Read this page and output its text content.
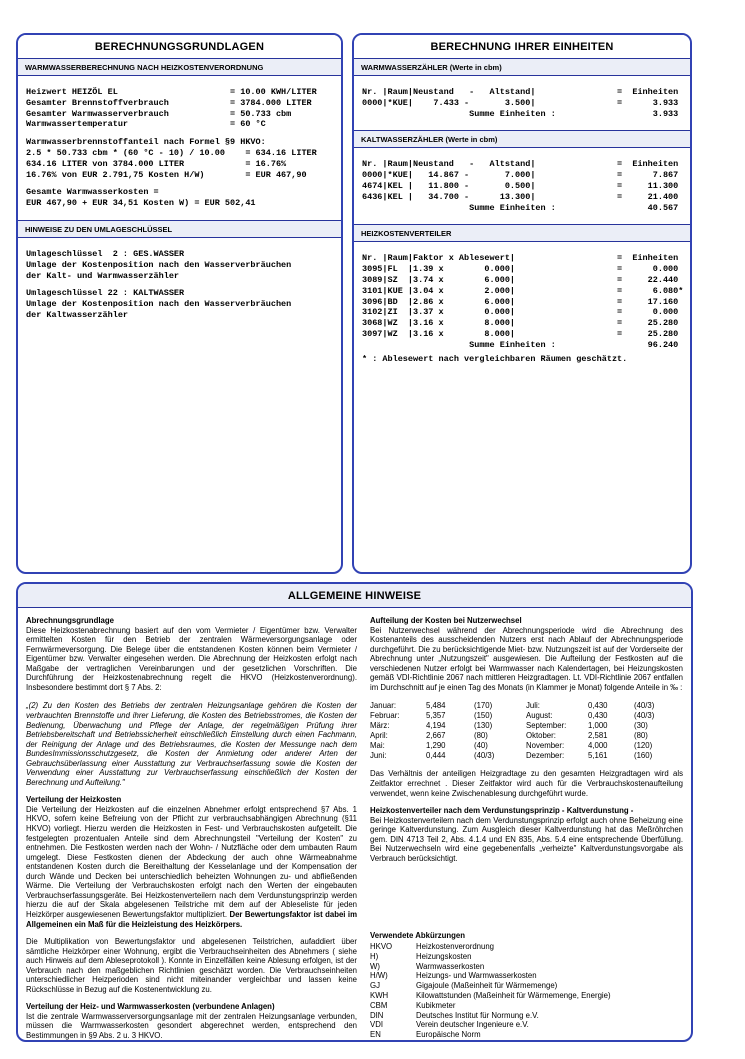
BERECHNUNGSGRUNDLAGEN
WARMWASSERBERECHNUNG NACH HEIZKOSTENVERORDNUNG
Heizwert HEIZÖL EL                      = 10.00 KWH/LITER
Gesamter Brennstoffverbrauch            = 3784.000 LITER
Gesamter Warmwasserverbrauch            = 50.733 cbm
Warmwassertemperatur                    = 60 °C
Warmwasserbrennstoffanteil nach Formel §9 HKVO:
2.5 * 50.733 cbm * (60 °C - 10) / 10.00    = 634.16 LITER
634.16 LITER von 3784.000 LITER            = 16.76%
16.76% von EUR 2.791,75 Kosten H/W)        = EUR 467,90
Gesamte Warmwasserkosten =
EUR 467,90 + EUR 34,51 Kosten W) = EUR 502,41
HINWEISE ZU DEN UMLAGESCHLÜSSEL
Umlageschlüssel  2 : GES.WASSER
Umlage der Kostenposition nach den Wasserverbräuchen
der Kalt- und Warmwasserzähler
Umlageschlüssel 22 : KALTWASSER
Umlage der Kostenposition nach den Wasserverbräuchen
der Kaltwasserzähler
BERECHNUNG IHRER EINHEITEN
WARMWASSERZÄHLER (Werte in cbm)
Nr. |Raum|Neustand   -   Altstand|                =  Einheiten
0000|*KUE|    7.433 -       3.500|                =      3.933
Summe Einheiten :                   3.933
KALTWASSERZÄHLER (Werte in cbm)
Nr. |Raum|Neustand   -   Altstand|                =  Einheiten
0000|*KUE|   14.867 -       7.000|                =      7.867
4674|KEL |   11.800 -       0.500|                =     11.300
6436|KEL |   34.700 -      13.300|                =     21.400
Summe Einheiten :                  40.567
HEIZKOSTENVERTEILER
Nr. |Raum|Faktor x Ablesewert|                    =  Einheiten
3095|FL  |1.39 x        0.000|                    =      0.000
3089|SZ  |3.74 x        6.000|                    =     22.440
3101|KUE |3.04 x        2.000|                    =      6.080*
3096|BD  |2.86 x        6.000|                    =     17.160
3102|ZI  |3.37 x        0.000|                    =      0.000
3068|WZ  |3.16 x        8.000|                    =     25.280
3097|WZ  |3.16 x        8.000|                    =     25.280
Summe Einheiten :                  96.240
* : Ablesewert nach vergleichbaren Räumen geschätzt.
ALLGEMEINE HINWEISE
Abrechnungsgrundlage

Diese Heizkostenabrechnung basiert auf den vom Vermieter / Eigentümer bzw. Verwalter ermittelten Kosten für den Betrieb der zentralen Wärmeversorgungsanlage oder Fernwärmeversorgung. Die Belege über die entstandenen Kosten können beim Vermieter / Eigentümer bzw. Verwalter eingesehen werden. Die Abrechnung der Heizkosten erfolgt nach Maßgabe der vertraglichen Vereinbarungen und der gesetzlichen Vorschriften. Die Durchführung der Heizkostenabrechnung regelt die HKVO (Heizkostenverordnung). Insbesondere bestimmt dort § 7 Abs. 2:

„(2) Zu den Kosten des Betriebs der zentralen Heizungsanlage gehören die Kosten der verbrauchten Brennstoffe und ihrer Lieferung, die Kosten des Betriebsstromes, die Kosten der Bedienung, Überwachung und Pflege der Anlage, der regelmäßigen Prüfung ihrer Betriebsbereitschaft und Betriebssicherheit einschließlich Einstellung durch einen Fachmann, der Reinigung der Anlage und des Betriebsraumes, die Kosten der Messunge nach dem BundesImmissionsschutzgesetz, die Kosten der Anmietung oder anderer Arten der Gebrauchsüberlassung einer Ausstattung zur Verbrauchserfassung sowie die Kosten der Verwendung einer Ausstattung zur Verbrauchserfassung einschließlich der Kosten der Berechnung und Aufteilung."

Verteilung der Heizkosten

Die Verteilung der Heizkosten auf die einzelnen Abnehmer erfolgt entsprechend §7 Abs. 1 HKVO, sofern keine Befreiung von der Pflicht zur verbrauchsabhängigen Abrechnung (§11 HKVO) vorliegt. Hierzu werden die Heizkosten in Fest- und Verbrauchskosten aufgeteilt. Die festgelegten prozentualen Anteile sind dem Abrechnungsteil "Verteilung der Kosten" zu entnehmen. Die Festkosten werden nach der Wohn- / Nutzfläche oder dem umbauten Raum umgelegt. Diese Festkosten dienen der Abdeckung der auch ohne Wärmeabnahme entstandenen Kosten durch die Bereithaltung der Kesselanlage und der Kompensation der durch Wände und Decken bei unterschiedlich beheizten Wohnungen zu- und abfließenden Wärme. Die Verteilung der Verbrauchskosten erfolgt nach den Werten der eingebauten Verbrauchserfassungsgeräte. Bei Heizkostenverteilern nach dem Verdunstungsprinzip werden hierzu die auf der Skala abgelesenen Teilstriche mit dem auf der Ableseliste für jeden Heizkörper ausgewiesenen Bewertungsfaktor multipliziert. Der Bewertungsfaktor ist dabei im Allgemeinen ein Maß für die Heizleistung des Heizkörpers.

Die Multiplikation von Bewertungsfaktor und abgelesenen Teilstrichen, aufaddiert über sämtliche Heizkörper einer Wohnung, ergibt die Verbrauchseinheiten des Abnehmers ( siehe auch Hinweis auf dem Ableseprotokoll ). Konnte in Einzelfällen keine Ablesung erfolgen, ist der Verbrauch nach den maßgeblichen Richtlinien geschätzt worden. Die Verbrauchseinheiten unterschiedlicher Heizperioden sind nicht miteinander vergleichbar und lassen keine Rückschlüsse in Bezug auf die Kostenentwicklung zu.

Verteilung der Heiz- und Warmwasserkosten (verbundene Anlagen)

Ist die zentrale Warmwasserversorgungsanlage mit der zentralen Heizungsanlage verbunden, müssen die Warmwasserkosten gesondert abgerechnet werden, entsprechend den Bestimmungen in §9 Abs. 2 u. 3 HKVO.

Aufteilung der Kosten bei Nutzerwechsel

Bei Nutzerwechsel während der Abrechnungsperiode wird die Abrechnung des Kostenanteils des ausscheidenden Nutzers erst nach Ablauf der Abrechnungsperiode durchgeführt. Die zu berücksichtigende Miet- bzw. Nutzungszeit ist auf der Vorderseite der Abrechnung unter „Nutzungszeit" ausgewiesen. Die Aufteilung der Festkosten auf die verschiedenen Nutzer erfolgt bei Warmwasser nach Kalendertagen, bei Heizungskosten gemäß VDI-Richtlinie 2067 nach mittleren Heizgradtagen. Lt. VDI-Richtlinie 2067 entfallen im Durchschnitt auf je einen Tag des Monats (in Klammer je Monat) folgende Anteile in ‰ :

Januar:	5,484	(170)	Juli:	0,430	(40/3)
Februar:	5,357	(150)	August:	0,430	(40/3)
März:	4,194	(130)	September:	1,000	(30)
April:	2,667	(80)	Oktober:	2,581	(80)
Mai:	1,290	(40)	November:	4,000	(120)
Juni:	0,444	(40/3)	Dezember:	5,161	(160)

Das Verhältnis der anteiligen Heizgradtage zu den gesamten Heizgradtagen wird als Zeitfaktor errechnet . Dieser Zeitfaktor wird auch für die Verbrauchskostenaufteilung verwendet, wenn keine Zwischenablesung durchgeführt wurde.

Heizkostenverteiler nach dem Verdunstungsprinzip - Kaltverdunstung -

Bei Heizkostenverteilern nach dem Verdunstungsprinzip erfolgt auch ohne Beheizung eine geringe Kaltverdunstung. Zum Ausgleich dieser Kaltverdunstung hat das Meßröhrchen gem. DIN 4713 Teil 2, Abs. 4.1.4 und EN 835, Abs. 5.4 eine entsprechende Überfüllung. Bei Nutzerwechseln wird eine gegebenenfalls „verheizte" Kaltverdunstungsvorgabe als Verbrauch berücksichtigt.

Verwendete Abkürzungen
HKVO	Heizkostenverordnung
H)	Heizungskosten
W)	Warmwasserkosten
H/W)	Heizungs- und Warmwasserkosten
GJ	Gigajoule (Maßeinheit für Wärmemenge)
KWH	Kilowattstunden (Maßeinheit für Wärmemenge, Energie)
CBM	Kubikmeter
DIN	Deutsches Institut für Normung e.V.
VDI	Verein deutscher Ingenieure e.V.
EN	Europäische Norm
